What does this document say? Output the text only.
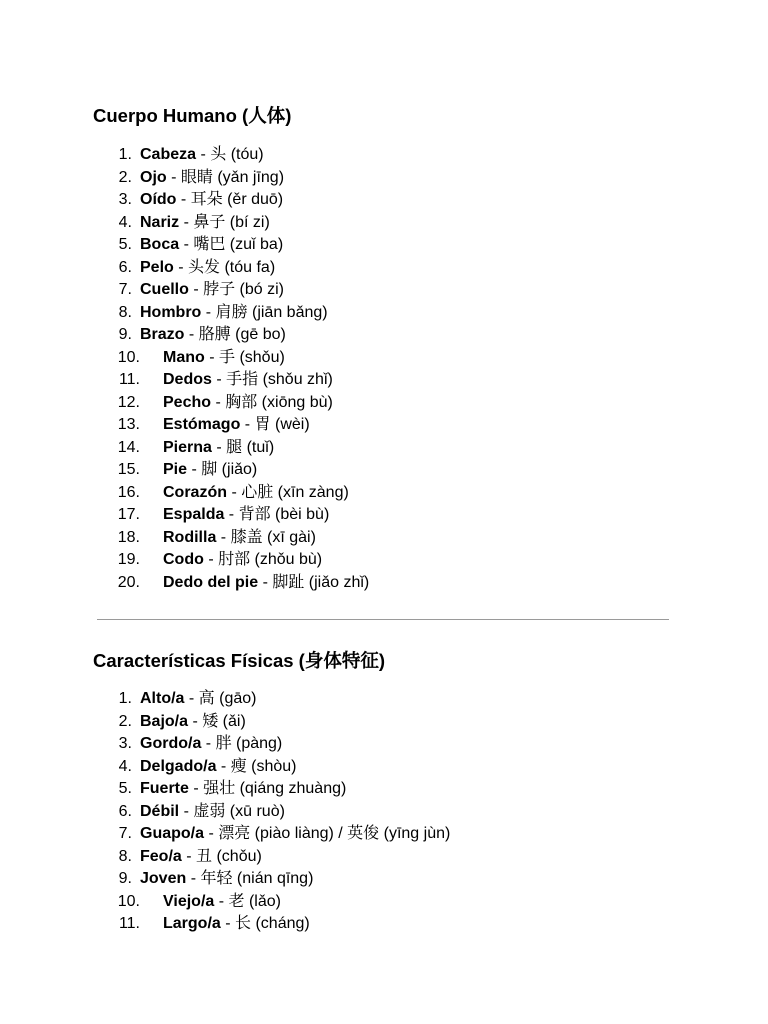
Cuerpo Humano (人体)
1. Cabeza - 头 (tóu)
2. Ojo - 眼睛 (yǎn jīng)
3. Oído - 耳朵 (ěr duō)
4. Nariz - 鼻子 (bí zi)
5. Boca - 嘴巴 (zuǐ ba)
6. Pelo - 头发 (tóu fa)
7. Cuello - 脖子 (bó zi)
8. Hombro - 肩膀 (jiān bǎng)
9. Brazo - 胳膊 (gē bo)
10. Mano - 手 (shǒu)
11. Dedos - 手指 (shǒu zhǐ)
12. Pecho - 胸部 (xiōng bù)
13. Estómago - 胃 (wèi)
14. Pierna - 腿 (tuǐ)
15. Pie - 脚 (jiǎo)
16. Corazón - 心脏 (xīn zàng)
17. Espalda - 背部 (bèi bù)
18. Rodilla - 膝盖 (xī gài)
19. Codo - 肘部 (zhǒu bù)
20. Dedo del pie - 脚趾 (jiǎo zhǐ)
Características Físicas (身体特征)
1. Alto/a - 高 (gāo)
2. Bajo/a - 矮 (ǎi)
3. Gordo/a - 胖 (pàng)
4. Delgado/a - 瘦 (shòu)
5. Fuerte - 强壮 (qiáng zhuàng)
6. Débil - 虚弱 (xū ruò)
7. Guapo/a - 漂亮 (piào liàng) / 英俊 (yīng jùn)
8. Feo/a - 丑 (chǒu)
9. Joven - 年轻 (nián qīng)
10. Viejo/a - 老 (lǎo)
11. Largo/a - 长 (cháng)
